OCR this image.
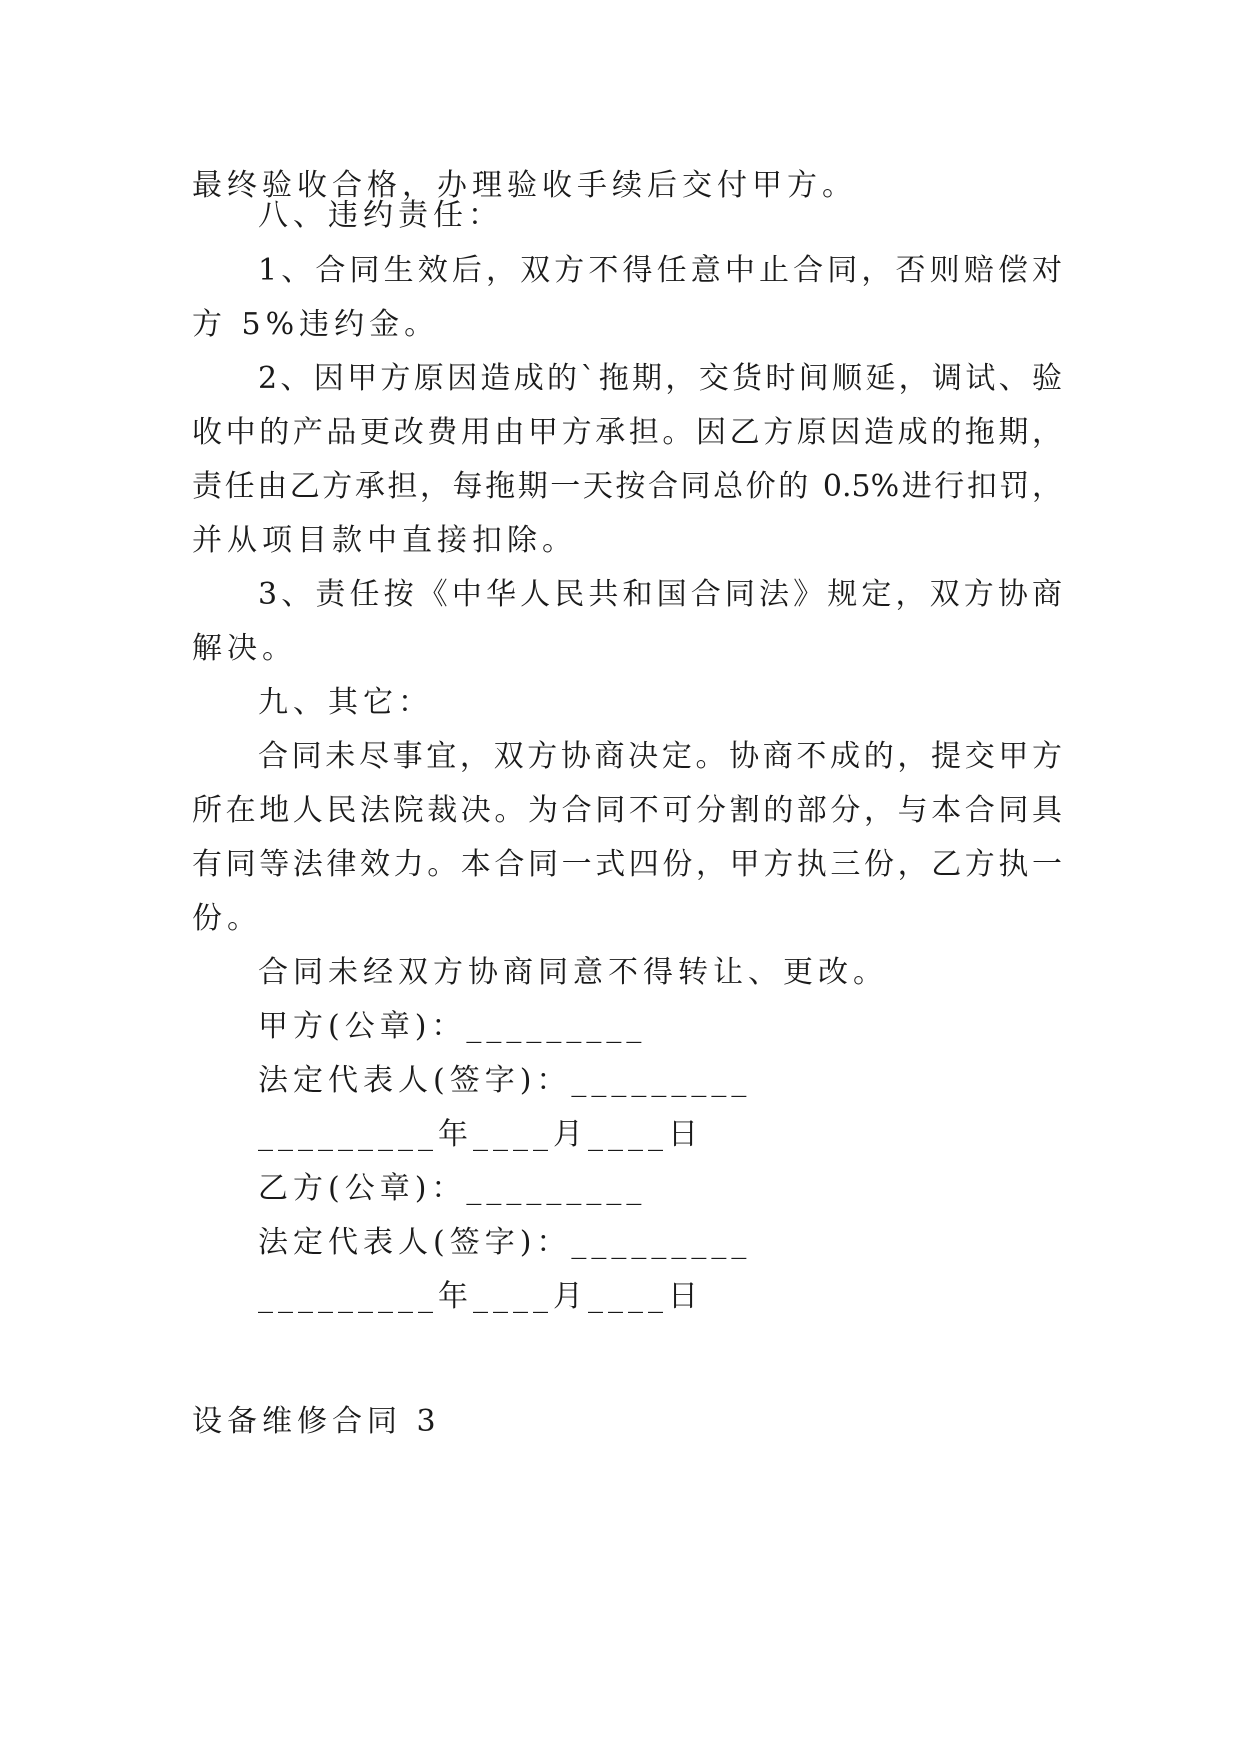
最终验收合格，办理验收手续后交付甲方。
八、违约责任：
1、合同生效后，双方不得任意中止合同，否则赔偿对
方 5%违约金。
2、因甲方原因造成的`拖期，交货时间顺延，调试、验
收中的产品更改费用由甲方承担。因乙方原因造成的拖期，
责任由乙方承担，每拖期一天按合同总价的 0.5%进行扣罚，
并从项目款中直接扣除。
3、责任按《中华人民共和国合同法》规定，双方协商
解决。
九、其它：
合同未尽事宜，双方协商决定。协商不成的，提交甲方
所在地人民法院裁决。为合同不可分割的部分，与本合同具
有同等法律效力。本合同一式四份，甲方执三份，乙方执一
份。
合同未经双方协商同意不得转让、更改。
甲方(公章)：_________
法定代表人(签字)：_________
_________年____月____日
乙方(公章)：_________
法定代表人(签字)：_________
_________年____月____日
设备维修合同 3
